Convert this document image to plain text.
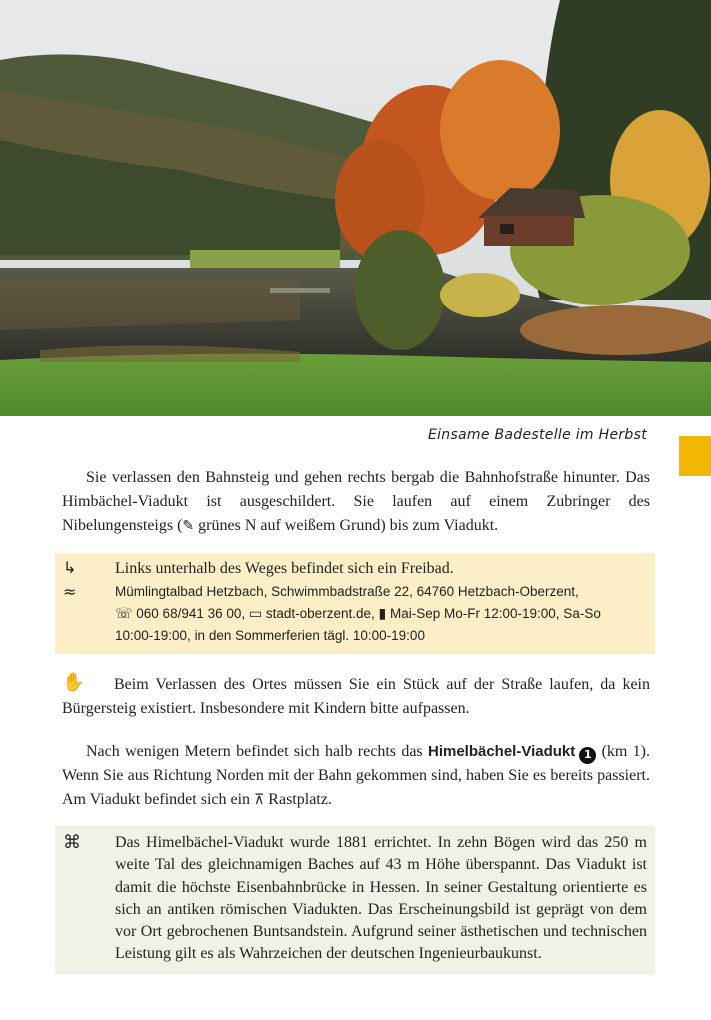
Einsame Badestelle im Herbst
Sie verlassen den Bahnsteig und gehen rechts bergab die Bahnhofstraße hinunter. Das Himbächel-Viadukt ist ausgeschildert. Sie laufen auf einem Zubringer des Nibelungensteigs (✎ grünes N auf weißem Grund) bis zum Viadukt.
↳	Links unterhalb des Weges befindet sich ein Freibad.
≈	Mümlingtalbad Hetzbach, Schwimmbadstraße 22, 64760 Hetzbach-Oberzent,
☏ 060 68/941 36 00, ▭ stadt-oberzent.de, ▮ Mai-Sep Mo-Fr 12:00-19:00, Sa-So
10:00-19:00, in den Sommerferien tägl. 10:00-19:00
✋ Beim Verlassen des Ortes müssen Sie ein Stück auf der Straße laufen, da kein Bürgersteig existiert. Insbesondere mit Kindern bitte aufpassen.
Nach wenigen Metern befindet sich halb rechts das Himelbächel-Viadukt 1 (km 1). Wenn Sie aus Richtung Norden mit der Bahn gekommen sind, haben Sie es bereits passiert. Am Viadukt befindet sich ein ⊼ Rastplatz.
⌘	Das Himelbächel-Viadukt wurde 1881 errichtet. In zehn Bögen wird das 250 m weite Tal des gleichnamigen Baches auf 43 m Höhe überspannt. Das Viadukt ist damit die höchste Eisenbahnbrücke in Hessen. In seiner Gestaltung orientierte es sich an antiken römischen Viadukten. Das Erscheinungsbild ist geprägt von dem vor Ort gebrochenen Buntsandstein. Aufgrund seiner ästhetischen und technischen Leistung gilt es als Wahrzeichen der deutschen Ingenieurbaukunst.
